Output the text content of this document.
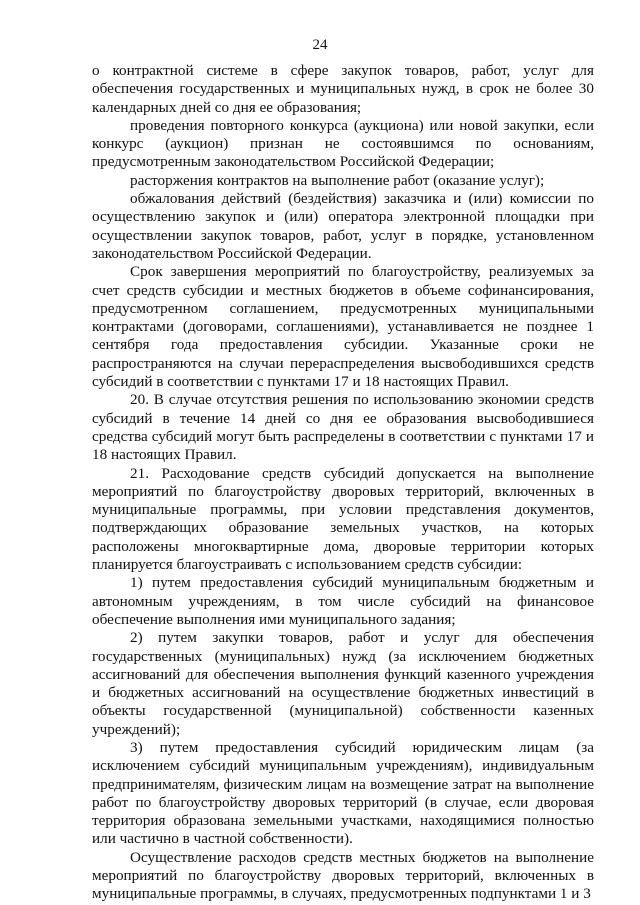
24

о контрактной системе в сфере закупок товаров, работ, услуг для обеспечения государственных и муниципальных нужд, в срок не более 30 календарных дней со дня ее образования;

проведения повторного конкурса (аукциона) или новой закупки, если конкурс (аукцион) признан не состоявшимся по основаниям, предусмотренным законодательством Российской Федерации;

расторжения контрактов на выполнение работ (оказание услуг);

обжалования действий (бездействия) заказчика и (или) комиссии по осуществлению закупок и (или) оператора электронной площадки при осуществлении закупок товаров, работ, услуг в порядке, установленном законодательством Российской Федерации.

Срок завершения мероприятий по благоустройству, реализуемых за счет средств субсидии и местных бюджетов в объеме софинансирования, предусмотренном соглашением, предусмотренных муниципальными контрактами (договорами, соглашениями), устанавливается не позднее 1 сентября года предоставления субсидии. Указанные сроки не распространяются на случаи перераспределения высвободившихся средств субсидий в соответствии с пунктами 17 и 18 настоящих Правил.

20. В случае отсутствия решения по использованию экономии средств субсидий в течение 14 дней со дня ее образования высвободившиеся средства субсидий могут быть распределены в соответствии с пунктами 17 и 18 настоящих Правил.

21. Расходование средств субсидий допускается на выполнение мероприятий по благоустройству дворовых территорий, включенных в муниципальные программы, при условии представления документов, подтверждающих образование земельных участков, на которых расположены многоквартирные дома, дворовые территории которых планируется благоустраивать с использованием средств субсидии:

1) путем предоставления субсидий муниципальным бюджетным и автономным учреждениям, в том числе субсидий на финансовое обеспечение выполнения ими муниципального задания;

2) путем закупки товаров, работ и услуг для обеспечения государственных (муниципальных) нужд (за исключением бюджетных ассигнований для обеспечения выполнения функций казенного учреждения и бюджетных ассигнований на осуществление бюджетных инвестиций в объекты государственной (муниципальной) собственности казенных учреждений);

3) путем предоставления субсидий юридическим лицам (за исключением субсидий муниципальным учреждениям), индивидуальным предпринимателям, физическим лицам на возмещение затрат на выполнение работ по благоустройству дворовых территорий (в случае, если дворовая территория образована земельными участками, находящимися полностью или частично в частной собственности).

Осуществление расходов средств местных бюджетов на выполнение мероприятий по благоустройству дворовых территорий, включенных в муниципальные программы, в случаях, предусмотренных подпунктами 1 и 3
